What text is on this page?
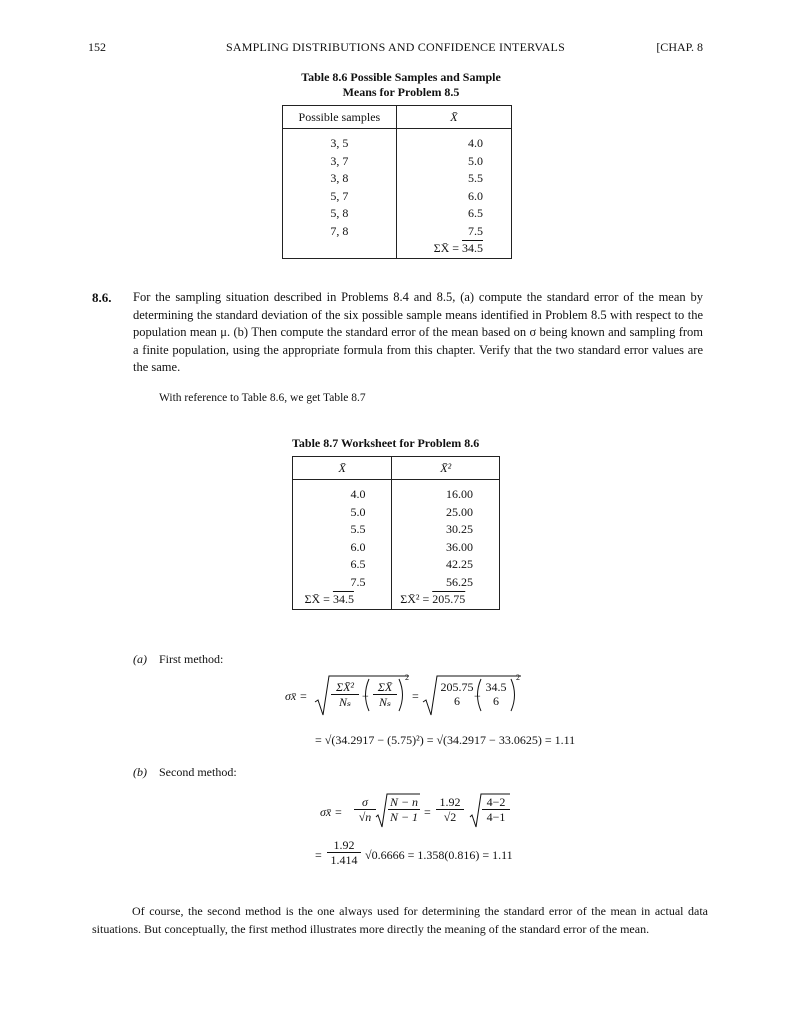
152	SAMPLING DISTRIBUTIONS AND CONFIDENCE INTERVALS	[CHAP. 8
Table 8.6 Possible Samples and Sample
Means for Problem 8.5
Possible samples	X̄
3, 5	4.0
3, 7	5.0
3, 8	5.5
5, 7	6.0
5, 8	6.5
7, 8	7.5
	ΣX̄ = 34.5
8.6. For the sampling situation described in Problems 8.4 and 8.5, (a) compute the standard error of the mean by determining the standard deviation of the six possible sample means identified in Problem 8.5 with respect to the population mean μ. (b) Then compute the standard error of the mean based on σ being known and sampling from a finite population, using the appropriate formula from this chapter. Verify that the two standard error values are the same.
With reference to Table 8.6, we get Table 8.7
Table 8.7 Worksheet for Problem 8.6
X̄	X̄²
4.0	16.00
5.0	25.00
5.5	30.25
6.0	36.00
6.5	42.25
7.5	56.25
ΣX̄ = 34.5	ΣX̄² = 205.75
(a) First method:
σx̄ = $\frac{\text{ΣX̄²}}{\text{Nₛ}} - \frac{\Sigma X̄}{\text{Nₛ}}$
2
=
205.75
6	−
34.5
6
2
= √(34.2917 − (5.75)²) = √(34.2917 − 33.0625) = 1.11
(b) Second method:
σx̄ = $\frac{\sigma}{√n} \frac{N - n}{N - 1} = \frac{1.92}{√2} \frac{4-2}{4-1}$
= $\frac{1.92}{1.414} √0.6666 = 1.358(0.816) = 1.11$
Of course, the second method is the one always used for determining the standard error of the mean in actual data situations. But conceptually, the first method illustrates more directly the meaning of the standard error of the mean.
